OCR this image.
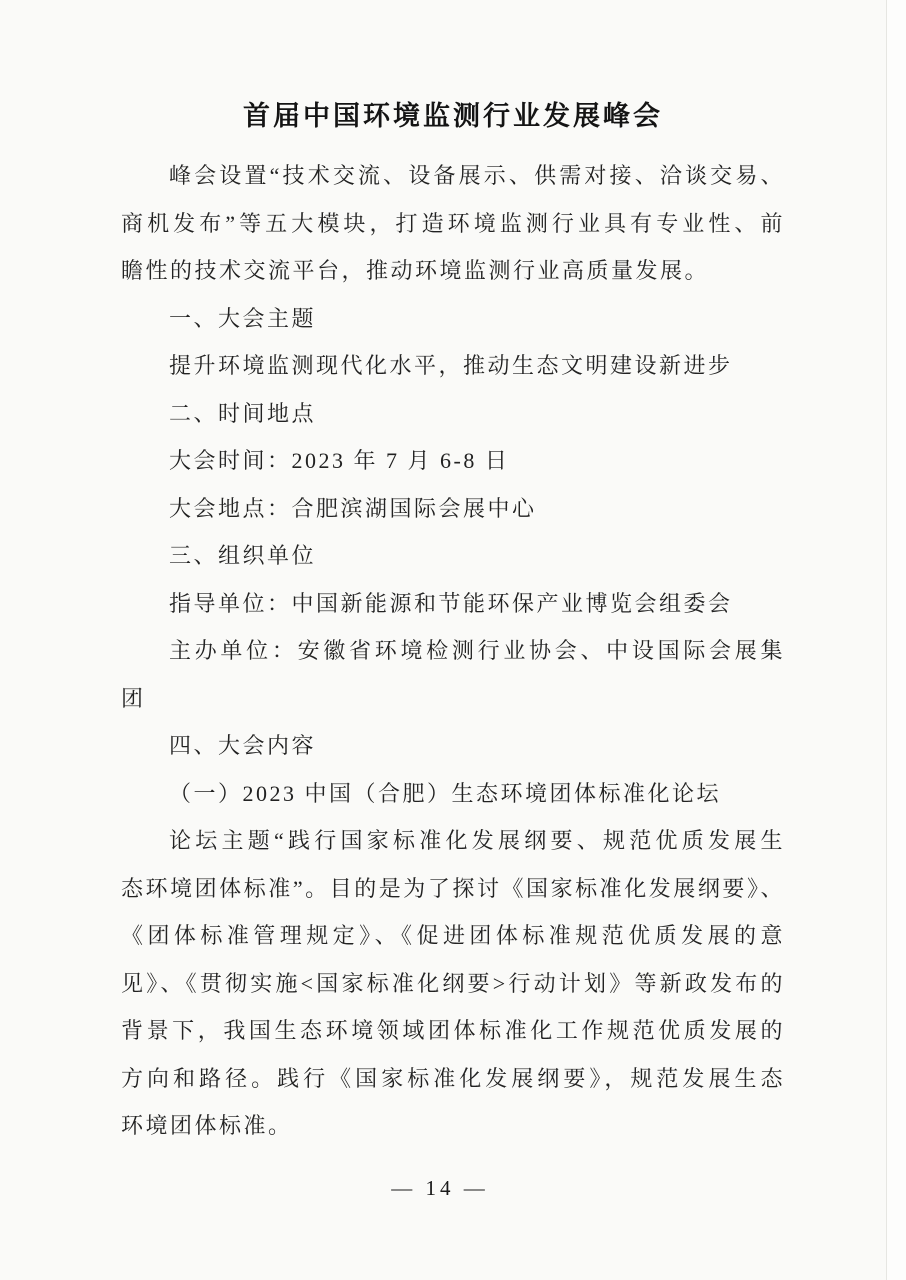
首届中国环境监测行业发展峰会
峰会设置“技术交流、设备展示、供需对接、洽谈交易、
商机发布”等五大模块，打造环境监测行业具有专业性、前
瞻性的技术交流平台，推动环境监测行业高质量发展。
一、大会主题
提升环境监测现代化水平，推动生态文明建设新进步
二、时间地点
大会时间：2023 年 7 月 6-8 日
大会地点：合肥滨湖国际会展中心
三、组织单位
指导单位：中国新能源和节能环保产业博览会组委会
主办单位：安徽省环境检测行业协会、中设国际会展集
团
四、大会内容
（一）2023 中国（合肥）生态环境团体标准化论坛
论坛主题“践行国家标准化发展纲要、规范优质发展生
态环境团体标准”。目的是为了探讨《国家标准化发展纲要》、
《团体标准管理规定》、《促进团体标准规范优质发展的意
见》、《贯彻实施<国家标准化纲要>行动计划》等新政发布的
背景下，我国生态环境领域团体标准化工作规范优质发展的
方向和路径。践行《国家标准化发展纲要》，规范发展生态
环境团体标准。
— 14 —
